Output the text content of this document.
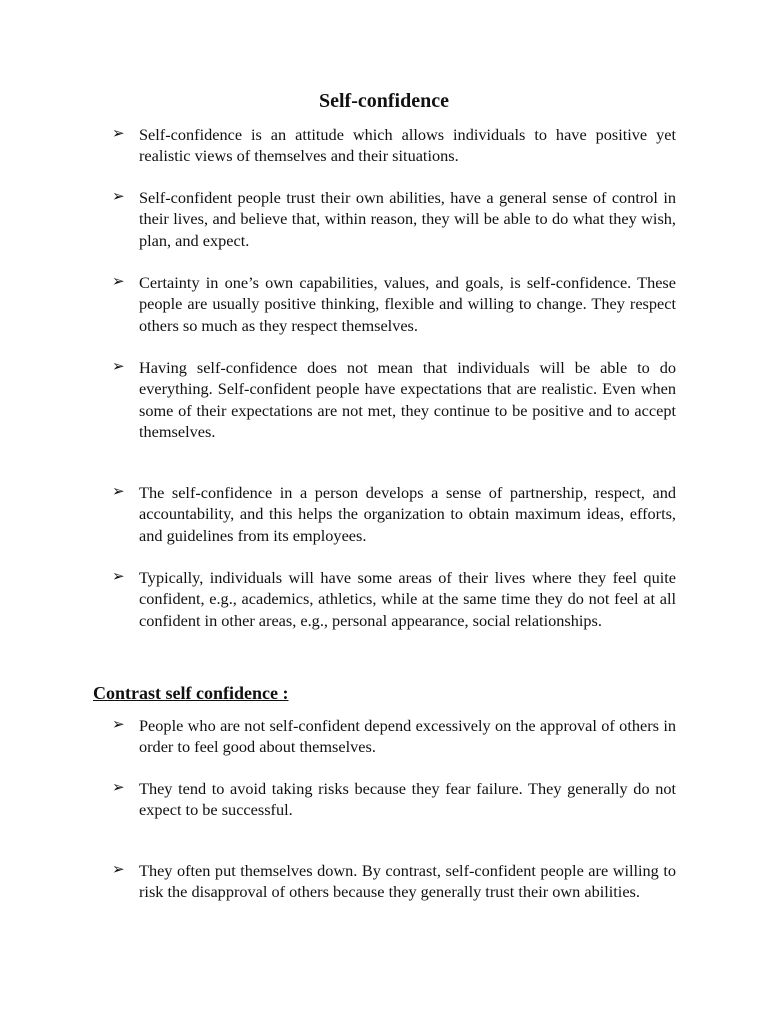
Self-confidence
➢ Self-confidence is an attitude which allows individuals to have positive yet realistic views of themselves and their situations.
➢ Self-confident people trust their own abilities, have a general sense of control in their lives, and believe that, within reason, they will be able to do what they wish, plan, and expect.
➢ Certainty in one’s own capabilities, values, and goals, is self-confidence. These people are usually positive thinking, flexible and willing to change. They respect others so much as they respect themselves.
➢ Having self-confidence does not mean that individuals will be able to do everything. Self-confident people have expectations that are realistic. Even when some of their expectations are not met, they continue to be positive and to accept themselves.
➢ The self-confidence in a person develops a sense of partnership, respect, and accountability, and this helps the organization to obtain maximum ideas, efforts, and guidelines from its employees.
➢ Typically, individuals will have some areas of their lives where they feel quite confident, e.g., academics, athletics, while at the same time they do not feel at all confident in other areas, e.g., personal appearance, social relationships.
Contrast self confidence :
➢ People who are not self-confident depend excessively on the approval of others in order to feel good about themselves.
➢ They tend to avoid taking risks because they fear failure. They generally do not expect to be successful.
➢ They often put themselves down. By contrast, self-confident people are willing to risk the disapproval of others because they generally trust their own abilities.
